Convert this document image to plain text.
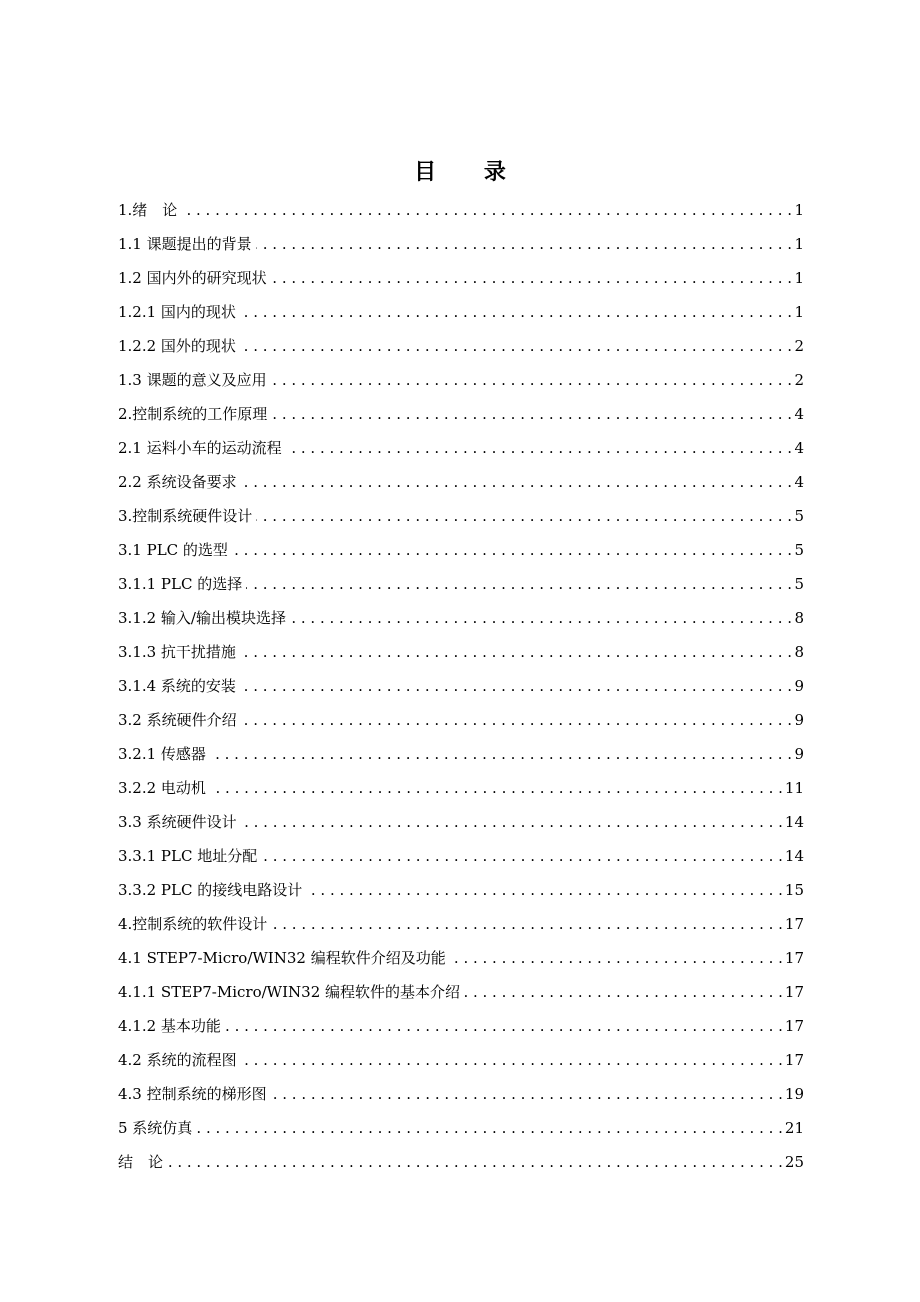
目 录
1.绪　论 . . .	1
1.1 课题提出的背景 . . .	1
1.2 国内外的研究现状 . . .	1
1.2.1 国内的现状 . . .	1
1.2.2 国外的现状 . . .	2
1.3 课题的意义及应用 . . .	2
2.控制系统的工作原理 . . .	4
2.1 运料小车的运动流程 . . .	4
2.2 系统设备要求 . . .	4
3.控制系统硬件设计 . . .	5
3.1 PLC 的选型 . . .	5
3.1.1 PLC 的选择 . . .	5
3.1.2 输入/输出模块选择 . . .	8
3.1.3 抗干扰措施 . . .	8
3.1.4 系统的安装 . . .	9
3.2 系统硬件介绍 . . .	9
3.2.1 传感器 . . .	9
3.2.2 电动机 . . .	11
3.3 系统硬件设计 . . .	14
3.3.1 PLC 地址分配 . . .	14
3.3.2 PLC 的接线电路设计 . . .	15
4.控制系统的软件设计 . . .	17
4.1 STEP7-Micro/WIN32 编程软件介绍及功能 . . .	17
4.1.1 STEP7-Micro/WIN32 编程软件的基本介绍 . . .	17
4.1.2 基本功能 . . .	17
4.2 系统的流程图 . . .	17
4.3 控制系统的梯形图 . . .	19
5 系统仿真 . . .	21
结　论 . . .	25
